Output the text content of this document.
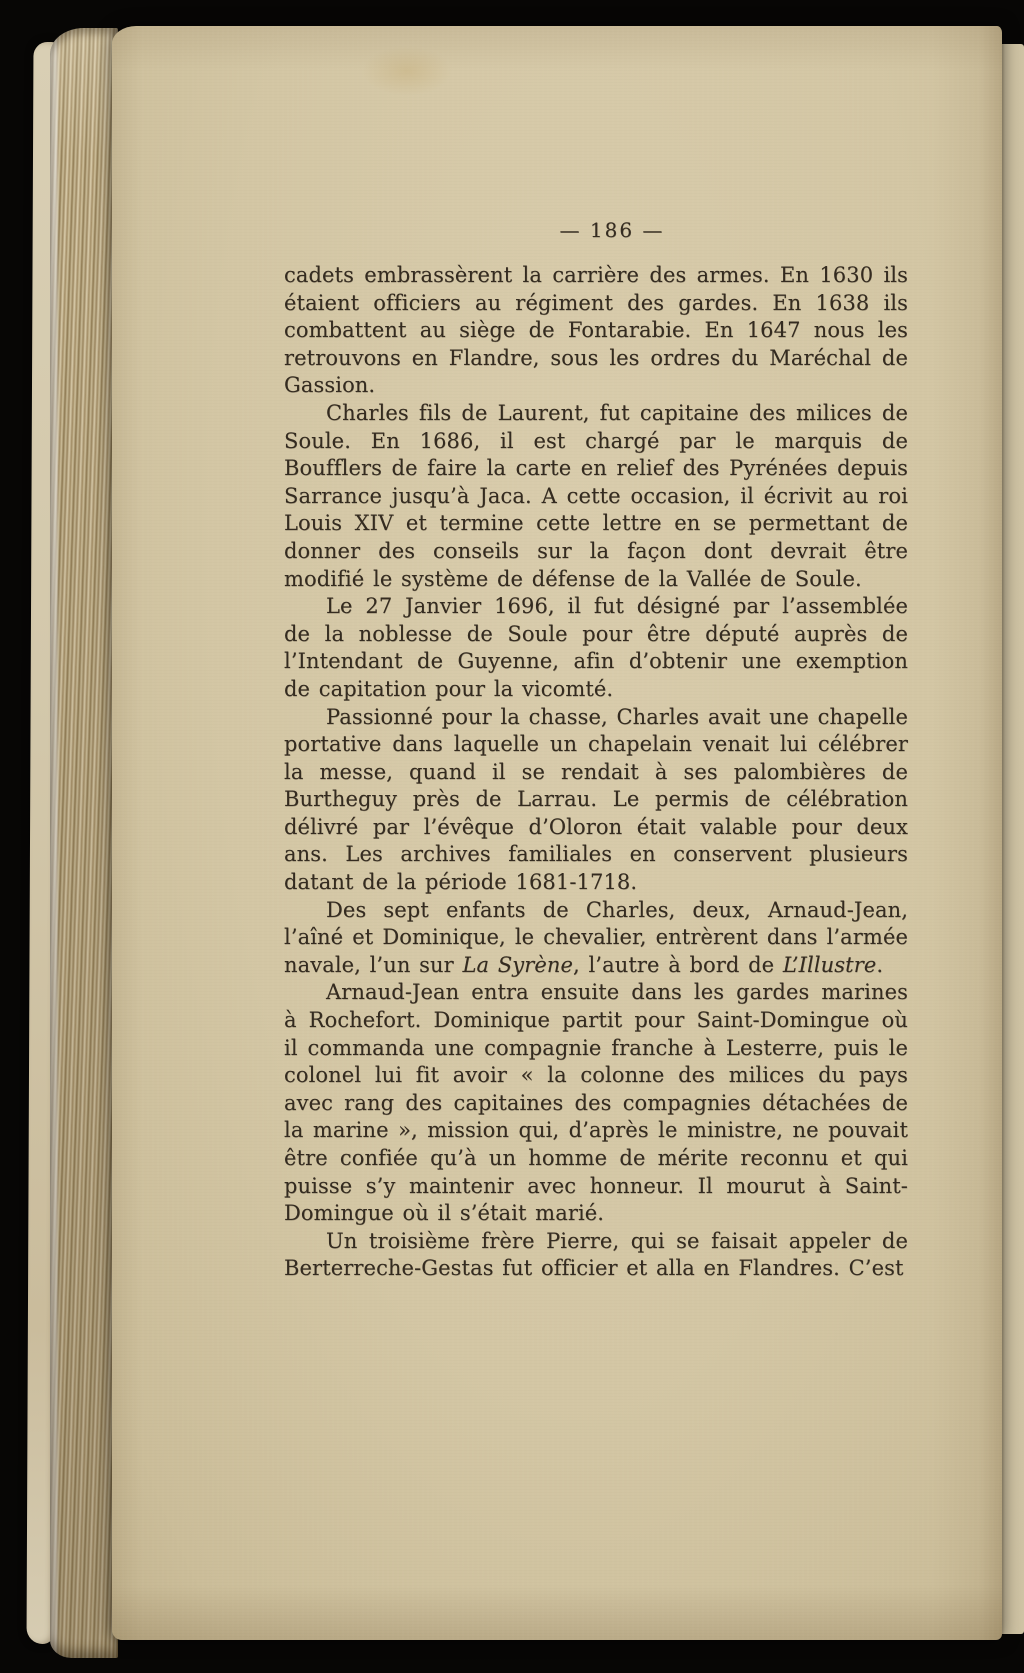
— 186 —

cadets embrassèrent la carrière des armes. En 1630 ils étaient officiers au régiment des gardes. En 1638 ils combattent au siège de Fontarabie. En 1647 nous les retrouvons en Flandre, sous les ordres du Maréchal de Gassion.

Charles fils de Laurent, fut capitaine des milices de Soule. En 1686, il est chargé par le marquis de Boufflers de faire la carte en relief des Pyrénées depuis Sarrance jusqu’à Jaca. A cette occasion, il écrivit au roi Louis XIV et termine cette lettre en se permettant de donner des conseils sur la façon dont devrait être modifié le système de défense de la Vallée de Soule.

Le 27 Janvier 1696, il fut désigné par l’assemblée de la noblesse de Soule pour être député auprès de l’Intendant de Guyenne, afin d’obtenir une exemption de capitation pour la vicomté.

Passionné pour la chasse, Charles avait une chapelle portative dans laquelle un chapelain venait lui célébrer la messe, quand il se rendait à ses palombières de Burtheguy près de Larrau. Le permis de célébration délivré par l’évêque d’Oloron était valable pour deux ans. Les archives familiales en conservent plusieurs datant de la période 1681-1718.

Des sept enfants de Charles, deux, Arnaud-Jean, l’aîné et Dominique, le chevalier, entrèrent dans l’armée navale, l’un sur La Syrène, l’autre à bord de L’Illustre.

Arnaud-Jean entra ensuite dans les gardes marines à Rochefort. Dominique partit pour Saint-Domingue où il commanda une compagnie franche à Lesterre, puis le colonel lui fit avoir « la colonne des milices du pays avec rang des capitaines des compagnies détachées de la marine », mission qui, d’après le ministre, ne pouvait être confiée qu’à un homme de mérite reconnu et qui puisse s’y maintenir avec honneur. Il mourut à Saint-Domingue où il s’était marié.

Un troisième frère Pierre, qui se faisait appeler de Berterreche-Gestas fut officier et alla en Flandres. C’est
